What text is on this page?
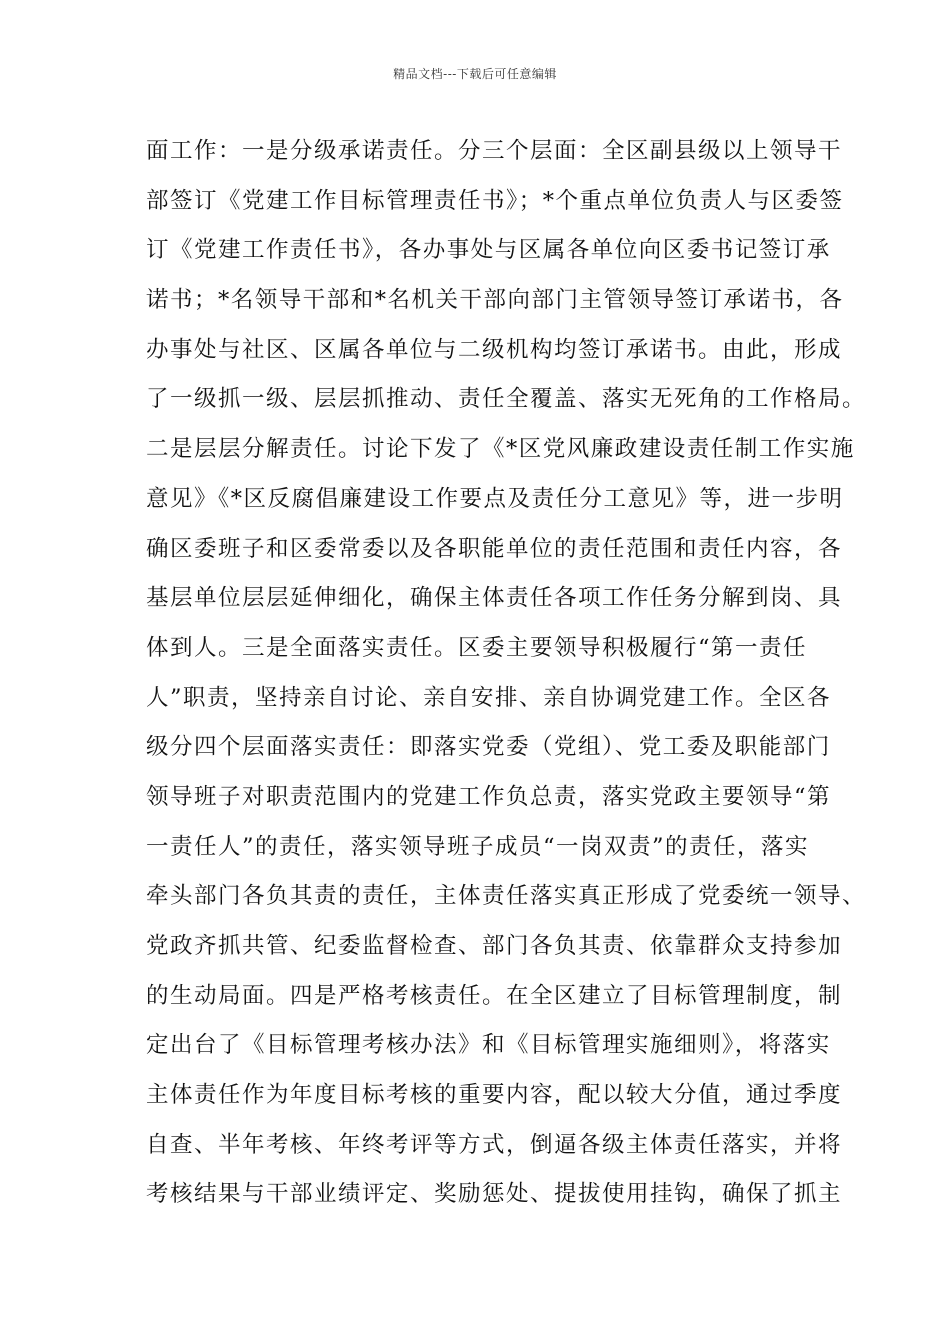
精品文档---下载后可任意编辑
面工作：一是分级承诺责任。分三个层面：全区副县级以上领导干
部签订《党建工作目标管理责任书》；*个重点单位负责人与区委签
订《党建工作责任书》，各办事处与区属各单位向区委书记签订承
诺书；*名领导干部和*名机关干部向部门主管领导签订承诺书，各
办事处与社区、区属各单位与二级机构均签订承诺书。由此，形成
了一级抓一级、层层抓推动、责任全覆盖、落实无死角的工作格局。
二是层层分解责任。讨论下发了《*区党风廉政建设责任制工作实施
意见》《*区反腐倡廉建设工作要点及责任分工意见》等，进一步明
确区委班子和区委常委以及各职能单位的责任范围和责任内容，各
基层单位层层延伸细化，确保主体责任各项工作任务分解到岗、具
体到人。三是全面落实责任。区委主要领导积极履行“第一责任
人”职责，坚持亲自讨论、亲自安排、亲自协调党建工作。全区各
级分四个层面落实责任：即落实党委（党组）、党工委及职能部门
领导班子对职责范围内的党建工作负总责，落实党政主要领导“第
一责任人”的责任，落实领导班子成员“一岗双责”的责任，落实
牵头部门各负其责的责任，主体责任落实真正形成了党委统一领导、
党政齐抓共管、纪委监督检查、部门各负其责、依靠群众支持参加
的生动局面。四是严格考核责任。在全区建立了目标管理制度，制
定出台了《目标管理考核办法》和《目标管理实施细则》，将落实
主体责任作为年度目标考核的重要内容，配以较大分值，通过季度
自查、半年考核、年终考评等方式，倒逼各级主体责任落实，并将
考核结果与干部业绩评定、奖励惩处、提拔使用挂钩，确保了抓主
